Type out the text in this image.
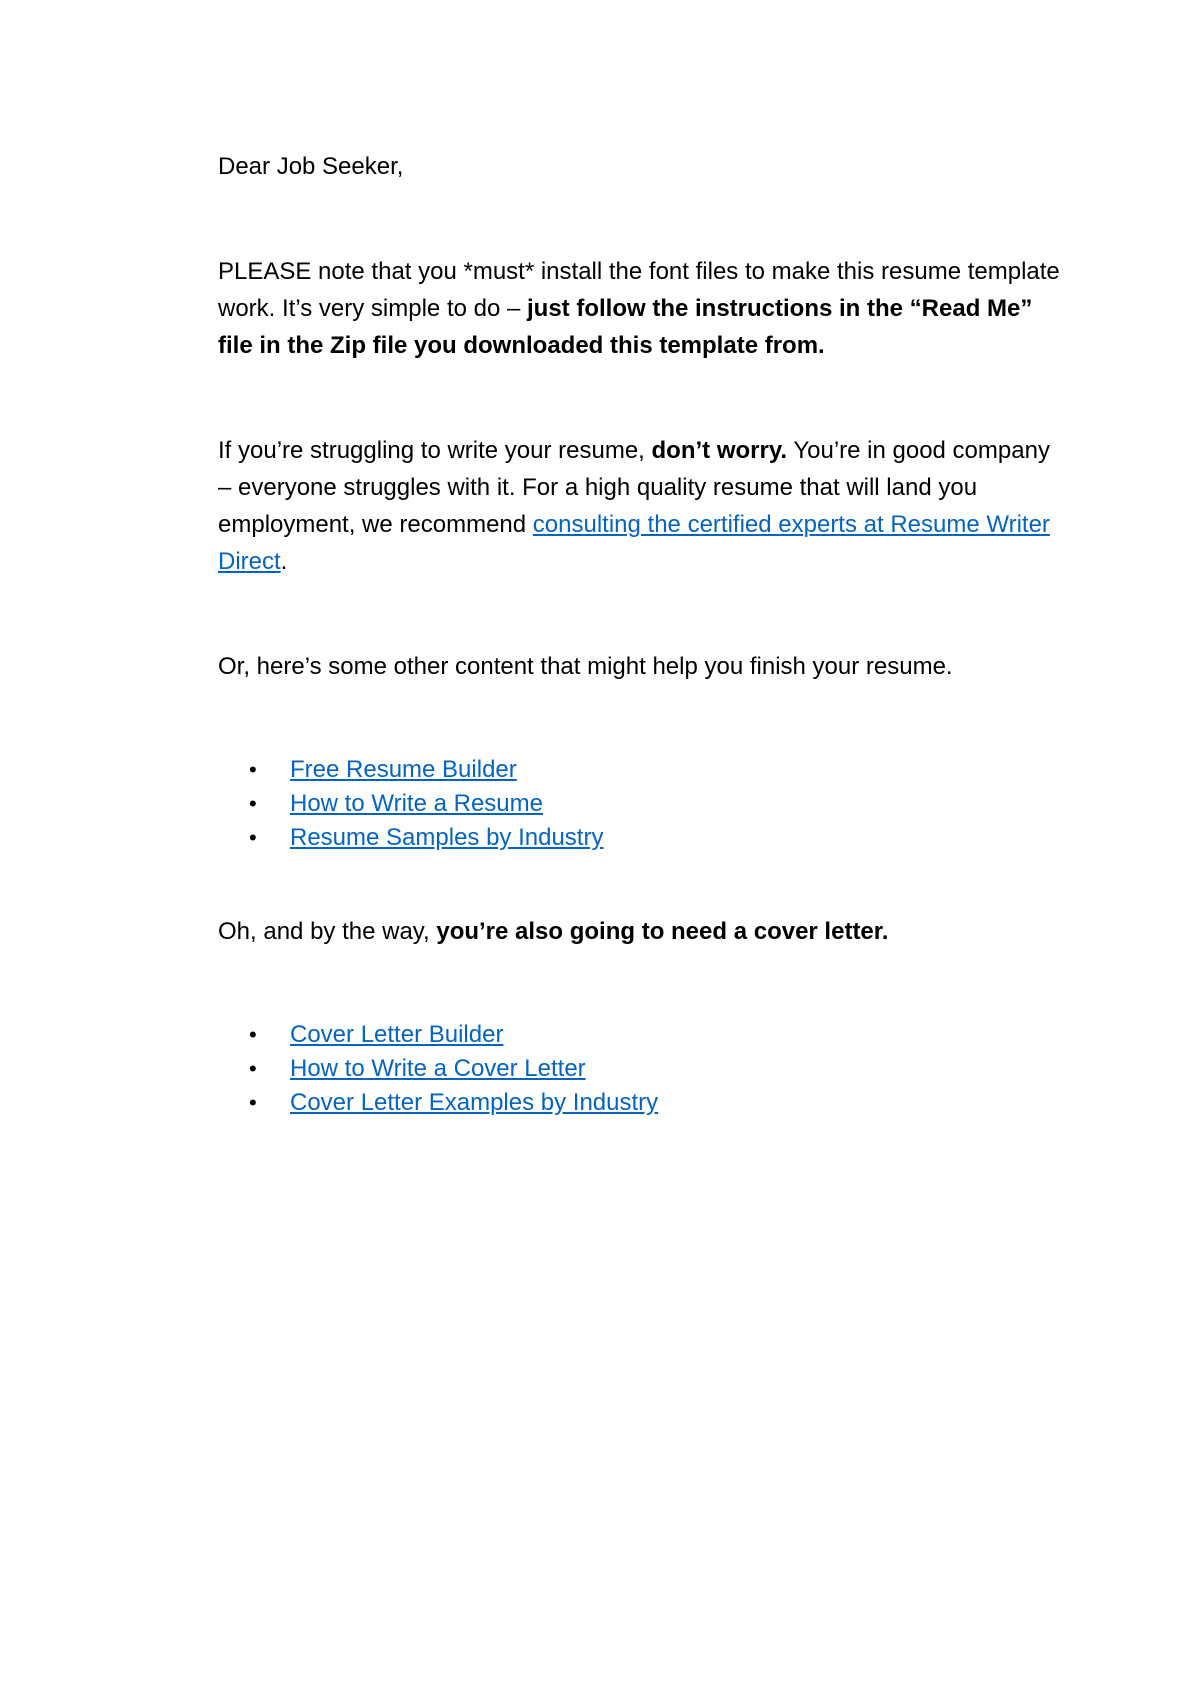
Dear Job Seeker,

PLEASE note that you *must* install the font files to make this resume template work. It’s very simple to do – just follow the instructions in the “Read Me” file in the Zip file you downloaded this template from.

If you’re struggling to write your resume, don’t worry. You’re in good company – everyone struggles with it. For a high quality resume that will land you employment, we recommend consulting the certified experts at Resume Writer Direct.

Or, here’s some other content that might help you finish your resume.

• Free Resume Builder
• How to Write a Resume
• Resume Samples by Industry

Oh, and by the way, you’re also going to need a cover letter.

• Cover Letter Builder
• How to Write a Cover Letter
• Cover Letter Examples by Industry
